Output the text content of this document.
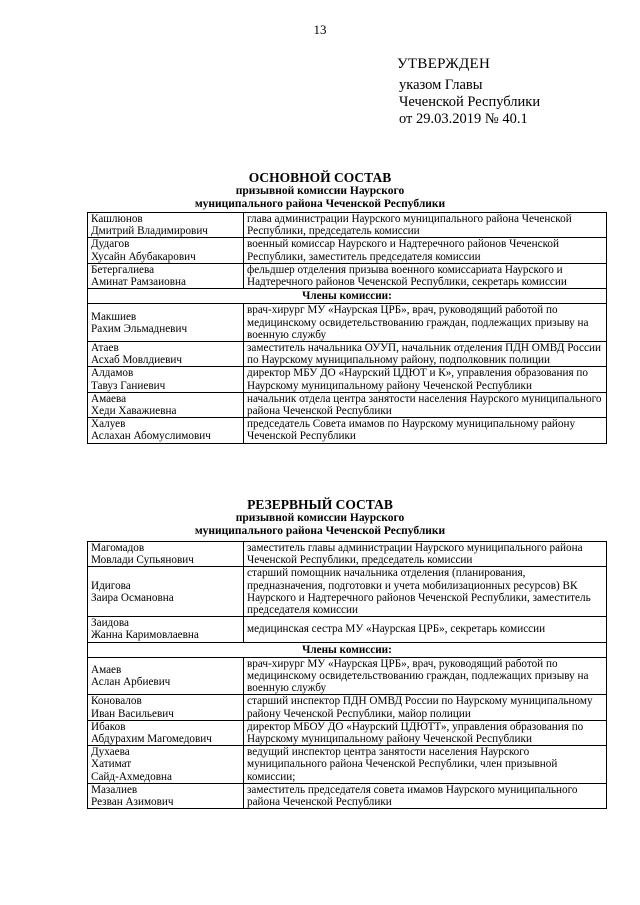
13
УТВЕРЖДЕН
указом Главы
Чеченской Республики
от 29.03.2019 № 40.1
ОСНОВНОЙ СОСТАВ
призывной комиссии Наурского
муниципального района Чеченской Республики
Кашлюнов
Дмитрий Владимирович	глава администрации Наурского муниципального района Чеченской Республики, председатель комиссии

Дудагов
Хусайн Абубакарович	военный комиссар Наурского и Надтеречного районов Чеченской Республики, заместитель председателя комиссии

Бетергалиева
Аминат Рамзаиовна	фельдшер отделения призыва военного комиссариата Наурского и Надтеречного районов Чеченской Республики, секретарь комиссии
Члены комиссии:	

Макшиев
Рахим Эльмадневич	врач-хирург МУ «Наурская ЦРБ», врач, руководящий работой по медицинскому освидетельствованию граждан, подлежащих призыву на военную службу

Атаев
Асхаб Мовлдиевич	заместитель начальника ОУУП, начальник отделения ПДН ОМВД России по Наурскому муниципальному району, подполковник полиции

Алдамов
Тавуз Ганиевич	директор МБУ ДО «Наурский ЦДЮТ и К», управления образования по Наурскому муниципальному району Чеченской Республики

Амаева
Хеди Хаважиевна	начальник отдела центра занятости населения Наурского муниципального района Чеченской Республики

Халуев
Аслахан Абомуслимович	председатель Совета имамов по Наурскому муниципальному району Чеченской Республики
РЕЗЕРВНЫЙ СОСТАВ
призывной комиссии Наурского
муниципального района Чеченской Республики
Магомадов
Мовлади Супьянович	заместитель главы администрации Наурского муниципального района Чеченской Республики, председатель комиссии

Идигова
Заира Османовна	старший помощник начальника отделения (планирования, предназначения, подготовки и учета мобилизационных ресурсов) ВК Наурского и Надтеречного районов Чеченской Республики, заместитель председателя комиссии

Заидова
Жанна Каримовлаевна	медицинская сестра МУ «Наурская ЦРБ», секретарь комиссии
Члены комиссии:	

Амаев
Аслан Арбиевич	врач-хирург МУ «Наурская ЦРБ», врач, руководящий работой по медицинскому освидетельствованию граждан, подлежащих призыву на военную службу

Коновалов
Иван Васильевич	старший инспектор ПДН ОМВД России по Наурскому муниципальному району Чеченской Республики, майор полиции

Ибаков
Абдурахим Магомедович	директор МБОУ ДО «Наурский ЦДЮТТ», управления образования по Наурскому муниципальному району Чеченской Республики

Духаева
Хатимат
Сайд-Ахмедовна	ведущий инспектор центра занятости населения Наурского муниципального района Чеченской Республики, член призывной комиссии;

Мазалиев
Резван Азимович	заместитель председателя совета имамов Наурского муниципального района Чеченской Республики
